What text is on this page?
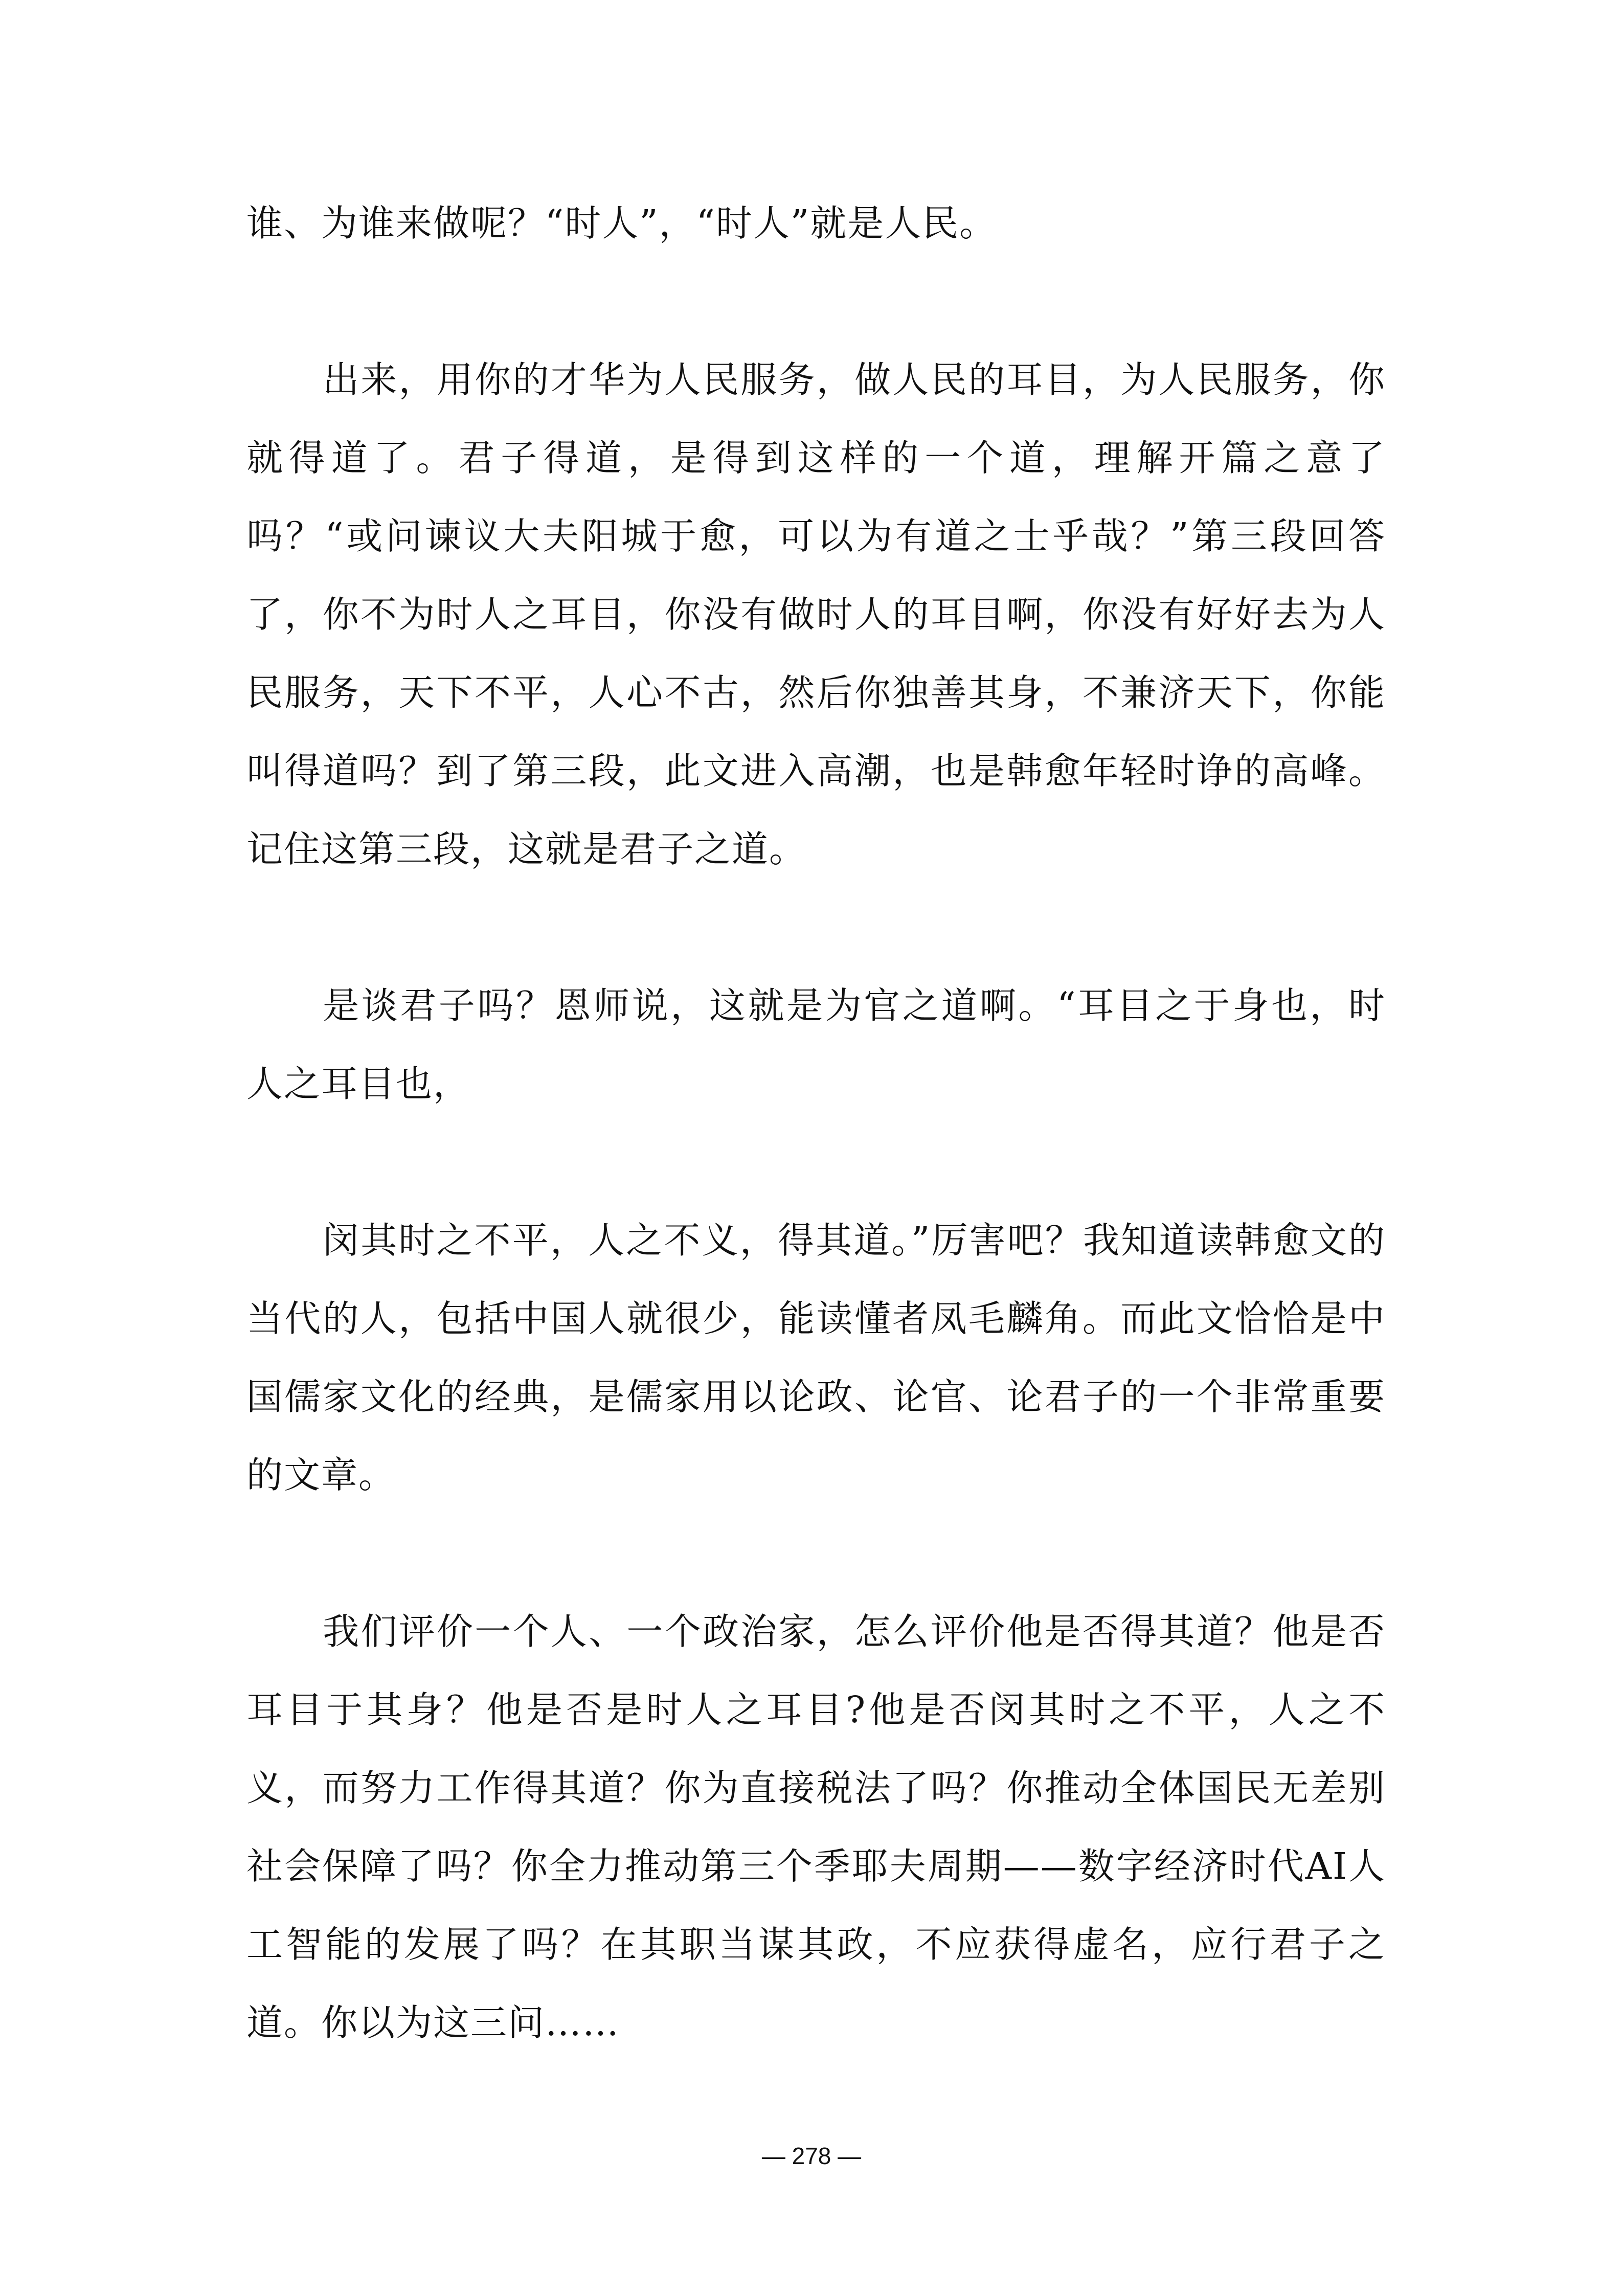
谁、为谁来做呢？“时人”，“时人”就是人民。

出来，用你的才华为人民服务，做人民的耳目，为人民服务，你就得道了。君子得道，是得到这样的一个道，理解开篇之意了吗？“或问谏议大夫阳城于愈，可以为有道之士乎哉？”第三段回答了，你不为时人之耳目，你没有做时人的耳目啊，你没有好好去为人民服务，天下不平，人心不古，然后你独善其身，不兼济天下，你能叫得道吗？到了第三段，此文进入高潮，也是韩愈年轻时诤的高峰。记住这第三段，这就是君子之道。

是谈君子吗？恩师说，这就是为官之道啊。“耳目之于身也，时人之耳目也，

闵其时之不平，人之不义，得其道。”厉害吧？我知道读韩愈文的当代的人，包括中国人就很少，能读懂者凤毛麟角。而此文恰恰是中国儒家文化的经典，是儒家用以论政、论官、论君子的一个非常重要的文章。

我们评价一个人、一个政治家，怎么评价他是否得其道？他是否耳目于其身？他是否是时人之耳目?他是否闵其时之不平，人之不义，而努力工作得其道？你为直接税法了吗？你推动全体国民无差别社会保障了吗？你全力推动第三个季耶夫周期——数字经济时代AI人工智能的发展了吗？在其职当谋其政，不应获得虚名，应行君子之道。你以为这三问……

— 278 —
